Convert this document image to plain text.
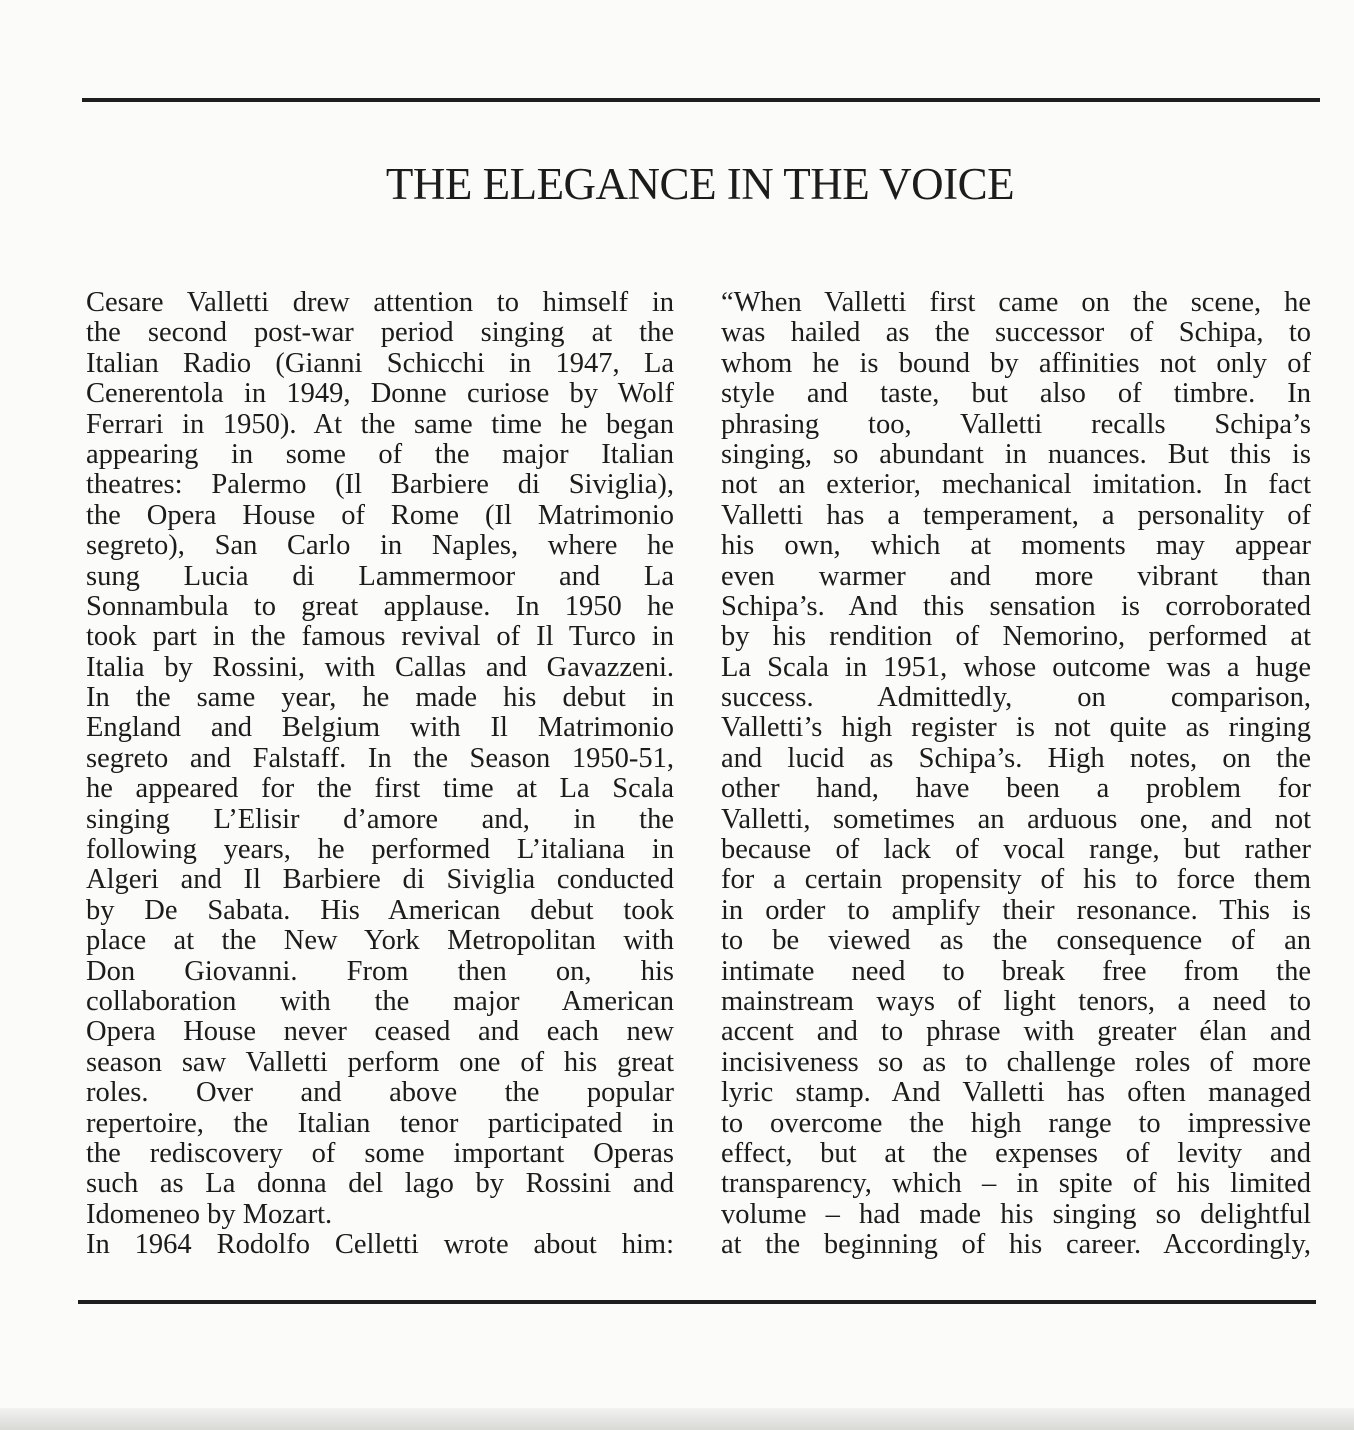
THE ELEGANCE IN THE VOICE
Cesare Valletti drew attention to himself in
the second post-war period singing at the
Italian Radio (Gianni Schicchi in 1947, La
Cenerentola in 1949, Donne curiose by Wolf
Ferrari in 1950). At the same time he began
appearing in some of the major Italian
theatres: Palermo (Il Barbiere di Siviglia),
the Opera House of Rome (Il Matrimonio
segreto), San Carlo in Naples, where he
sung Lucia di Lammermoor and La
Sonnambula to great applause. In 1950 he
took part in the famous revival of Il Turco in
Italia by Rossini, with Callas and Gavazzeni.
In the same year, he made his debut in
England and Belgium with Il Matrimonio
segreto and Falstaff. In the Season 1950-51,
he appeared for the first time at La Scala
singing L’Elisir d’amore and, in the
following years, he performed L’italiana in
Algeri and Il Barbiere di Siviglia conducted
by De Sabata. His American debut took
place at the New York Metropolitan with
Don Giovanni. From then on, his
collaboration with the major American
Opera House never ceased and each new
season saw Valletti perform one of his great
roles. Over and above the popular
repertoire, the Italian tenor participated in
the rediscovery of some important Operas
such as La donna del lago by Rossini and
Idomeneo by Mozart.
In 1964 Rodolfo Celletti wrote about him:
“When Valletti first came on the scene, he
was hailed as the successor of Schipa, to
whom he is bound by affinities not only of
style and taste, but also of timbre. In
phrasing too, Valletti recalls Schipa’s
singing, so abundant in nuances. But this is
not an exterior, mechanical imitation. In fact
Valletti has a temperament, a personality of
his own, which at moments may appear
even warmer and more vibrant than
Schipa’s. And this sensation is corroborated
by his rendition of Nemorino, performed at
La Scala in 1951, whose outcome was a huge
success. Admittedly, on comparison,
Valletti’s high register is not quite as ringing
and lucid as Schipa’s. High notes, on the
other hand, have been a problem for
Valletti, sometimes an arduous one, and not
because of lack of vocal range, but rather
for a certain propensity of his to force them
in order to amplify their resonance. This is
to be viewed as the consequence of an
intimate need to break free from the
mainstream ways of light tenors, a need to
accent and to phrase with greater élan and
incisiveness so as to challenge roles of more
lyric stamp. And Valletti has often managed
to overcome the high range to impressive
effect, but at the expenses of levity and
transparency, which – in spite of his limited
volume – had made his singing so delightful
at the beginning of his career. Accordingly,
